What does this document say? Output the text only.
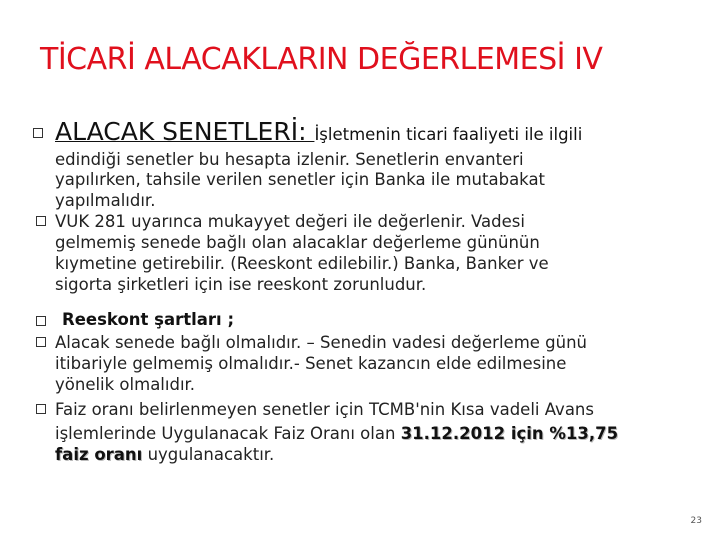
TİCARİ ALACAKLARIN DEĞERLEMESİ IV
ALACAK SENETLERİ: İşletmenin ticari faaliyeti ile ilgili
edindiği senetler bu hesapta izlenir. Senetlerin envanteri
yapılırken, tahsile verilen senetler için Banka ile mutabakat
yapılmalıdır.
VUK 281 uyarınca mukayyet değeri ile değerlenir. Vadesi
gelmemiş senede bağlı olan alacaklar değerleme gününün
kıymetine getirebilir. (Reeskont edilebilir.) Banka, Banker ve
sigorta şirketleri için ise reeskont zorunludur.
Reeskont şartları ;
Alacak senede bağlı olmalıdır. – Senedin vadesi değerleme günü
itibariyle gelmemiş olmalıdır.- Senet kazancın elde edilmesine
yönelik olmalıdır.
Faiz oranı belirlenmeyen senetler için TCMB'nin Kısa vadeli Avans
işlemlerinde Uygulanacak Faiz Oranı olan 31.12.2012 için %13,75
faiz oranı uygulanacaktır.
23
